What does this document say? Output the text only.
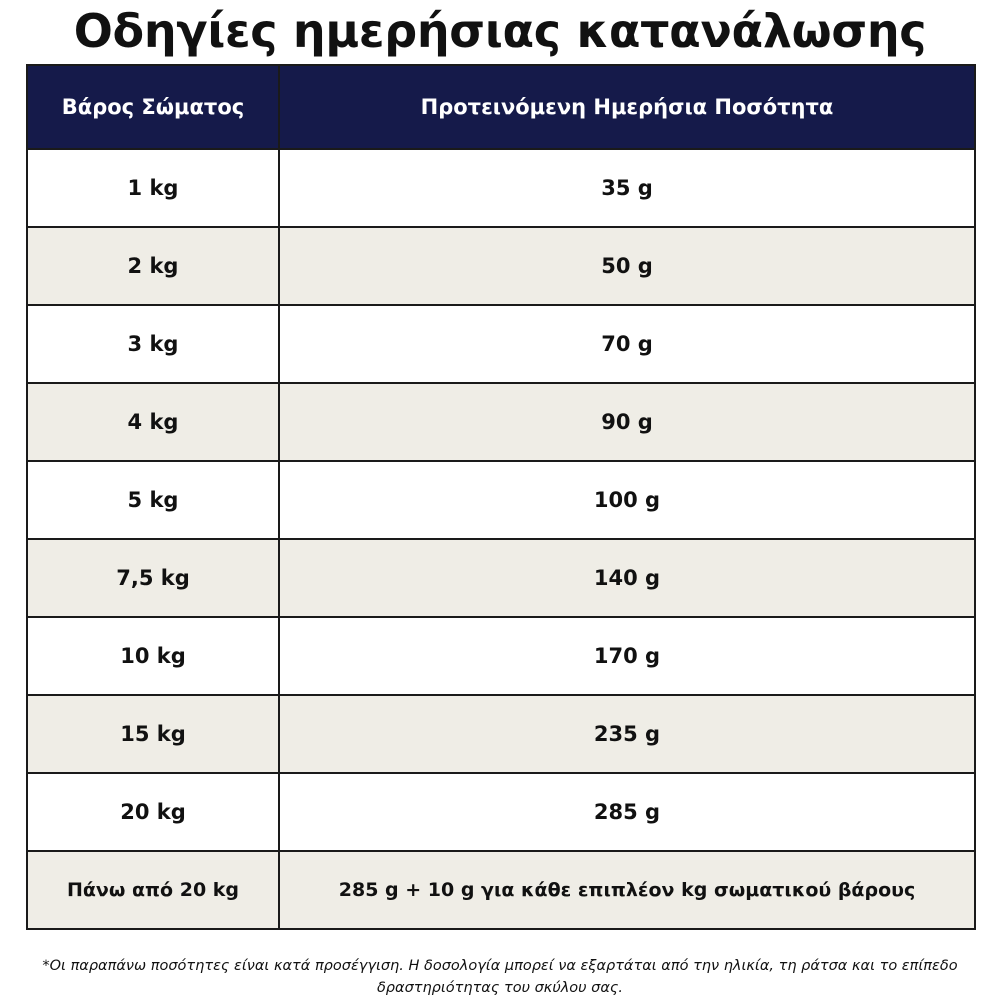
Οδηγίες ημερήσιας κατανάλωσης
Βάρος Σώματος	Προτεινόμενη Ημερήσια Ποσότητα
1 kg	35 g
2 kg	50 g
3 kg	70 g
4 kg	90 g
5 kg	100 g
7,5 kg	140 g
10 kg	170 g
15 kg	235 g
20 kg	285 g
Πάνω από 20 kg	285 g + 10 g για κάθε επιπλέον kg σωματικού βάρους
*Οι παραπάνω ποσότητες είναι κατά προσέγγιση. Η δοσολογία μπορεί να εξαρτάται από την ηλικία, τη ράτσα και το επίπεδο δραστηριότητας του σκύλου σας.
